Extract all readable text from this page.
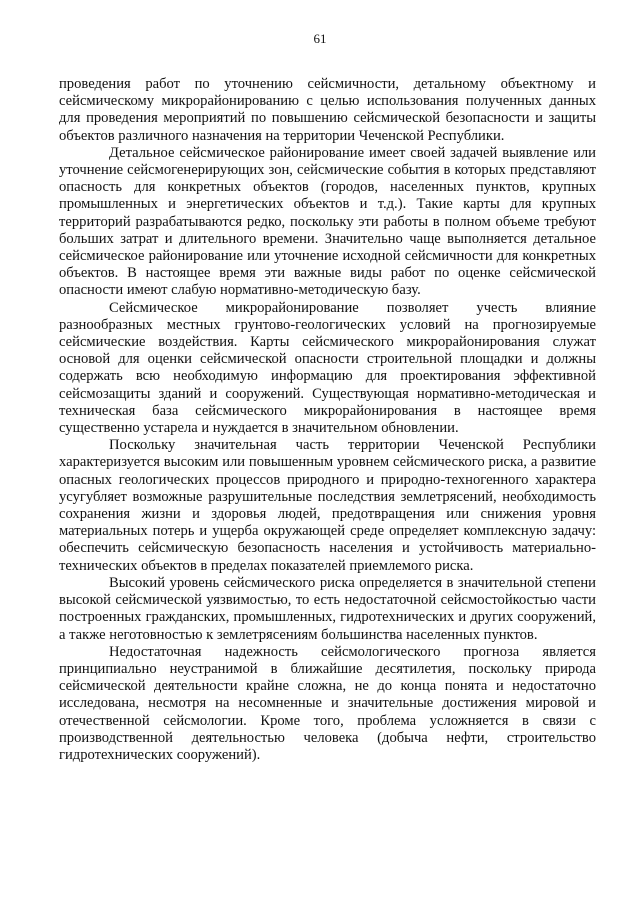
61

проведения работ по уточнению сейсмичности, детальному объектному и сейсмическому микрорайонированию с целью использования полученных данных для проведения мероприятий по повышению сейсмической безопасности и защиты объектов различного назначения на территории Чеченской Республики.

Детальное сейсмическое районирование имеет своей задачей выявление или уточнение сейсмогенерирующих зон, сейсмические события в которых представляют опасность для конкретных объектов (городов, населенных пунктов, крупных промышленных и энергетических объектов и т.д.). Такие карты для крупных территорий разрабатываются редко, поскольку эти работы в полном объеме требуют больших затрат и длительного времени. Значительно чаще выполняется детальное сейсмическое районирование или уточнение исходной сейсмичности для конкретных объектов. В настоящее время эти важные виды работ по оценке сейсмической опасности имеют слабую нормативно-методическую базу.

Сейсмическое микрорайонирование позволяет учесть влияние разнообразных местных грунтово-геологических условий на прогнозируемые сейсмические воздействия. Карты сейсмического микрорайонирования служат основой для оценки сейсмической опасности строительной площадки и должны содержать всю необходимую информацию для проектирования эффективной сейсмозащиты зданий и сооружений. Существующая нормативно-методическая и техническая база сейсмического микрорайонирования в настоящее время существенно устарела и нуждается в значительном обновлении.

Поскольку значительная часть территории Чеченской Республики характеризуется высоким или повышенным уровнем сейсмического риска, а развитие опасных геологических процессов природного и природно-техногенного характера усугубляет возможные разрушительные последствия землетрясений, необходимость сохранения жизни и здоровья людей, предотвращения или снижения уровня материальных потерь и ущерба окружающей среде определяет комплексную задачу: обеспечить сейсмическую безопасность населения и устойчивость материально-технических объектов в пределах показателей приемлемого риска.

Высокий уровень сейсмического риска определяется в значительной степени высокой сейсмической уязвимостью, то есть недостаточной сейсмостойкостью части построенных гражданских, промышленных, гидротехнических и других сооружений, а также неготовностью к землетрясениям большинства населенных пунктов.

Недостаточная надежность сейсмологического прогноза является принципиально неустранимой в ближайшие десятилетия, поскольку природа сейсмической деятельности крайне сложна, не до конца понята и недостаточно исследована, несмотря на несомненные и значительные достижения мировой и отечественной сейсмологии. Кроме того, проблема усложняется в связи с производственной деятельностью человека (добыча нефти, строительство гидротехнических сооружений).
